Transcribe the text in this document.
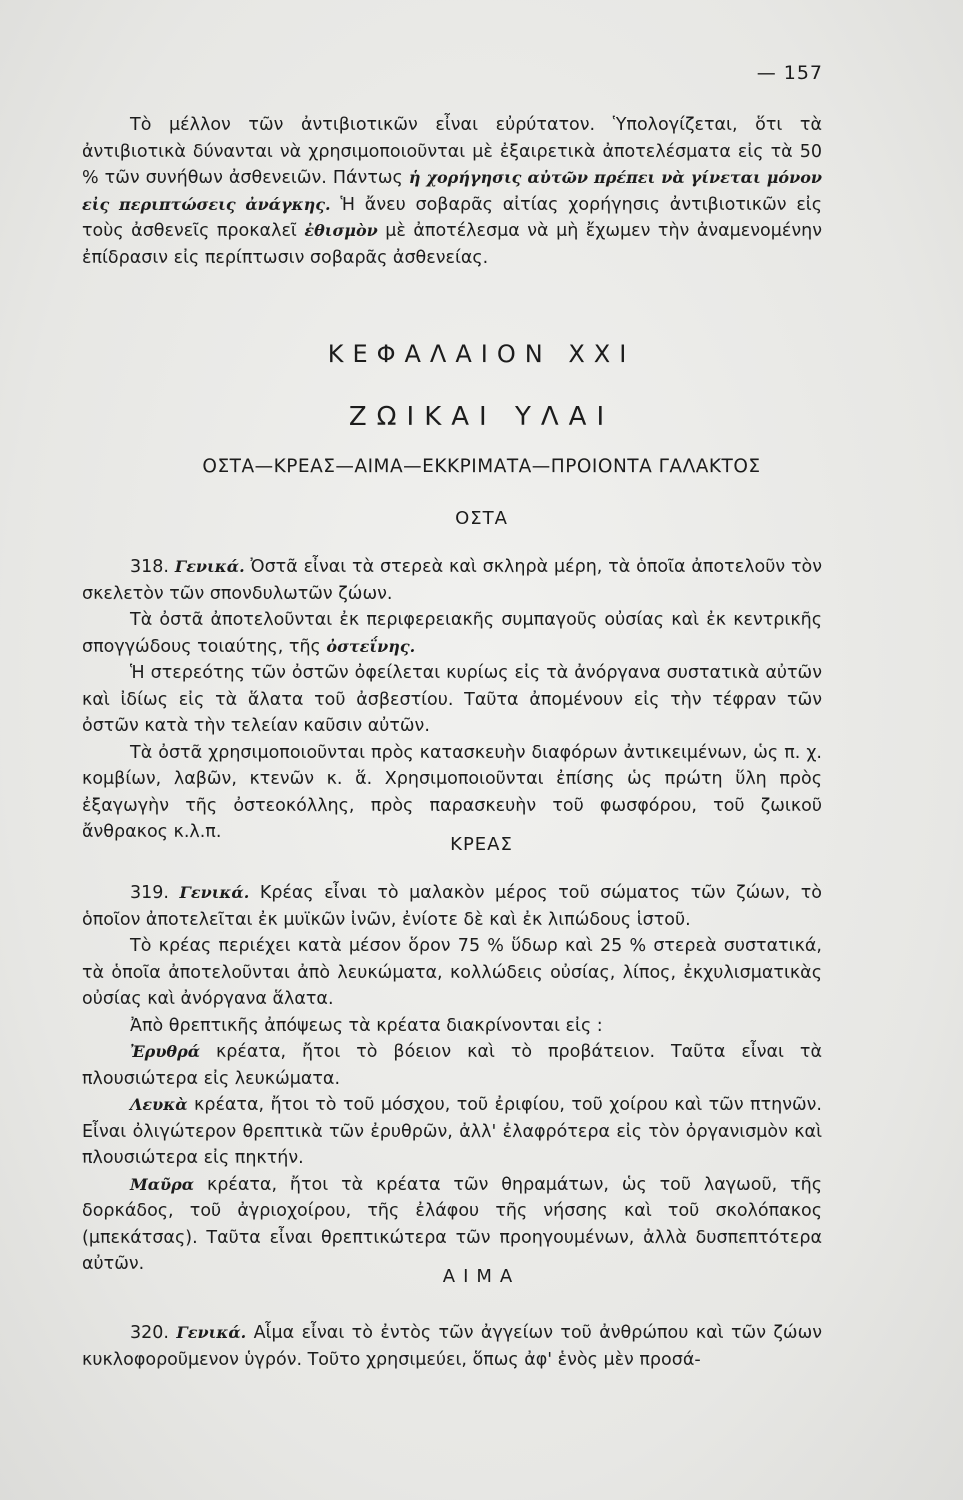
— 157

Τὸ μέλλον τῶν ἀντιβιοτικῶν εἶναι εὐρύτατον. Ὑπολογίζεται, ὅτι τὰ ἀντιβιοτικὰ δύνανται νὰ χρησιμοποιοῦνται μὲ ἐξαιρετικὰ ἀποτελέσματα εἰς τὰ 50 % τῶν συνήθων ἀσθενειῶν. Πάντως ἡ χορήγησις αὐτῶν πρέπει νὰ γίνεται μόνον εἰς περιπτώσεις ἀνάγκης. Ἡ ἄνευ σοβαρᾶς αἰτίας χορήγησις ἀντιβιοτικῶν εἰς τοὺς ἀσθενεῖς προκαλεῖ ἐθισμὸν μὲ ἀποτέλεσμα νὰ μὴ ἔχωμεν τὴν ἀναμενομένην ἐπίδρασιν εἰς περίπτωσιν σοβαρᾶς ἀσθενείας.

ΚΕΦΑΛΑΙΟΝ ΧΧΙ
ΖΩΙΚΑΙ ΥΛΑΙ
ΟΣΤΑ—ΚΡΕΑΣ—ΑΙΜΑ—ΕΚΚΡΙΜΑΤΑ—ΠΡΟΙΟΝΤΑ ΓΑΛΑΚΤΟΣ
ΟΣΤΑ

318. Γενικά. Ὀστᾶ εἶναι τὰ στερεὰ καὶ σκληρὰ μέρη, τὰ ὁποῖα ἀποτελοῦν τὸν σκελετὸν τῶν σπονδυλωτῶν ζώων.

Τὰ ὀστᾶ ἀποτελοῦνται ἐκ περιφερειακῆς συμπαγοῦς οὐσίας καὶ ἐκ κεντρικῆς σπογγώδους τοιαύτης, τῆς ὀστεΐνης.

Ἡ στερεότης τῶν ὀστῶν ὀφείλεται κυρίως εἰς τὰ ἀνόργανα συστατικὰ αὐτῶν καὶ ἰδίως εἰς τὰ ἅλατα τοῦ ἀσβεστίου. Ταῦτα ἀπομένουν εἰς τὴν τέφραν τῶν ὀστῶν κατὰ τὴν τελείαν καῦσιν αὐτῶν.

Τὰ ὀστᾶ χρησιμοποιοῦνται πρὸς κατασκευὴν διαφόρων ἀντικειμένων, ὡς π. χ. κομβίων, λαβῶν, κτενῶν κ. ἅ. Χρησιμοποιοῦνται ἐπίσης ὡς πρώτη ὕλη πρὸς ἐξαγωγὴν τῆς ὀστεοκόλλης, πρὸς παρασκευὴν τοῦ φωσφόρου, τοῦ ζωικοῦ ἄνθρακος κ.λ.π.

ΚΡΕΑΣ

319. Γενικά. Κρέας εἶναι τὸ μαλακὸν μέρος τοῦ σώματος τῶν ζώων, τὸ ὁποῖον ἀποτελεῖται ἐκ μυϊκῶν ἰνῶν, ἐνίοτε δὲ καὶ ἐκ λιπώδους ἱστοῦ.

Τὸ κρέας περιέχει κατὰ μέσον ὅρον 75 % ὕδωρ καὶ 25 % στερεὰ συστατικά, τὰ ὁποῖα ἀποτελοῦνται ἀπὸ λευκώματα, κολλώδεις οὐσίας, λίπος, ἐκχυλισματικὰς οὐσίας καὶ ἀνόργανα ἅλατα.

Ἀπὸ θρεπτικῆς ἀπόψεως τὰ κρέατα διακρίνονται εἰς :

Ἐρυθρά κρέατα, ἤτοι τὸ βόειον καὶ τὸ προβάτειον. Ταῦτα εἶναι τὰ πλουσιώτερα εἰς λευκώματα.

Λευκὰ κρέατα, ἤτοι τὸ τοῦ μόσχου, τοῦ ἐριφίου, τοῦ χοίρου καὶ τῶν πτηνῶν. Εἶναι ὀλιγώτερον θρεπτικὰ τῶν ἐρυθρῶν, ἀλλ' ἐλαφρότερα εἰς τὸν ὀργανισμὸν καὶ πλουσιώτερα εἰς πηκτήν.

Μαῦρα κρέατα, ἤτοι τὰ κρέατα τῶν θηραμάτων, ὡς τοῦ λαγωοῦ, τῆς δορκάδος, τοῦ ἀγριοχοίρου, τῆς ἐλάφου τῆς νήσσης καὶ τοῦ σκολόπακος (μπεκάτσας). Ταῦτα εἶναι θρεπτικώτερα τῶν προηγουμένων, ἀλλὰ δυσπεπτότερα αὐτῶν.

ΑΙΜΑ

320. Γενικά. Αἷμα εἶναι τὸ ἐντὸς τῶν ἀγγείων τοῦ ἀνθρώπου καὶ τῶν ζώων κυκλοφοροῦμενον ὑγρόν. Τοῦτο χρησιμεύει, ὅπως ἀφ' ἑνὸς μὲν προσά-
